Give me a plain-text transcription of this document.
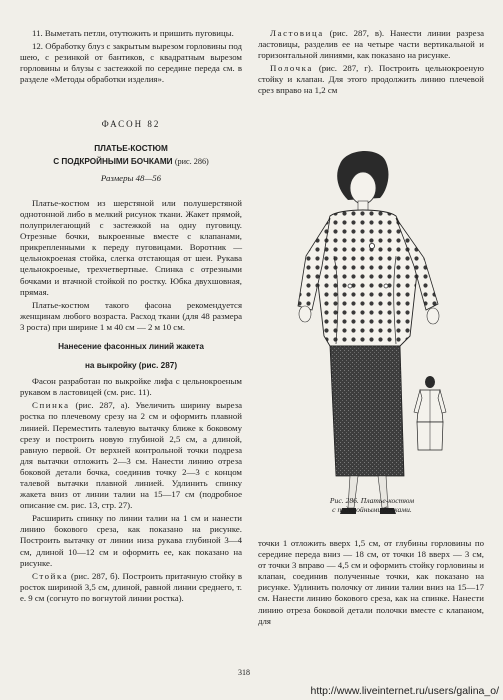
11. Выметать петли, отутюжить и пришить пуговицы.

12. Обработку блуз с закрытым вырезом горловины под шею, с резинкой от бантиков, с квадратным вырезом горловины и блузы с застежкой по середине переда см. в разделе «Методы обработки изделия».

ФАСОН 82

ПЛАТЬЕ-КОСТЮМ

С ПОДКРОЙНЫМИ БОЧКАМИ (рис. 286)

Размеры 48—56

Платье-костюм из шерстяной или полушерстяной однотонной либо в мелкий рисунок ткани. Жакет прямой, полуприлегающий с застежкой на одну пуговицу. Отрезные бочки, выкроенные вместе с клапанами, прикрепленными к переду пуговицами. Воротник — цельнокроеная стойка, слегка отстающая от шеи. Рукава цельнокроеные, трехчетвертные. Спинка с отрезными бочками и втачной стойкой по ростку. Юбка двухшовная, прямая.

Платье-костюм такого фасона рекомендуется женщинам любого возраста. Расход ткани (для 48 размера 3 роста) при ширине 1 м 40 см — 2 м 10 см.

Нанесение фасонных линий жакета

на выкройку (рис. 287)

Фасон разработан по выкройке лифа с цельнокроеным рукавом в ластовицей (см. рис. 11).

Спинка (рис. 287, а). Увеличить ширину выреза ростка по плечевому срезу на 2 см и оформить плавной линией. Переместить талевую вытачку ближе к боковому срезу и построить новую глубиной 2,5 см, а длиной, равную первой. От верхней контрольной точки подреза для вытачки отложить 2—3 см. Нанести линию отреза боковой детали бочка, соединив точку 2—3 с концом талевой вытачки плавной линией. Удлинить спинку жакета вниз от линии талии на 15—17 см (подробное описание см. рис. 13, стр. 27).

Расширить спинку по линии талии на 1 см и нанести линию бокового среза, как показано на рисунке. Построить вытачку от линии низа рукава глубиной 3—4 см, длиной 10—12 см и оформить ее, как показано на рисунке.

Стойка (рис. 287, б). Построить притачную стойку в росток шириной 3,5 см, длиной, равной линии среднего, т. е. 9 см (согнуто по вогнутой линии ростка).

Ластовица (рис. 287, в). Нанести линии разреза ластовицы, разделив ее на четыре части вертикальной и горизонтальной линиями, как показано на рисунке.

Полочка (рис. 287, г). Построить цельнокроеную стойку и клапан. Для этого продолжить линию плечевой срез вправо на 1,2 см

Рис. 286. Платье-костюм
с подкройными бочками.

точки 1 отложить вверх 1,5 см, от глубины горловины по середине переда вниз — 18 см, от точки 18 вверх — 3 см, от точки 3 вправо — 4,5 см и оформить стойку горловины и клапан, соединив полученные точки, как показано на рисунке. Удлинить полочку от линии талии вниз на 15—17 см. Нанести линию бокового среза, как на спинке. Нанести линию отреза боковой детали полочки вместе с клапаном, для

318
http://www.liveinternet.ru/users/galina_o/
